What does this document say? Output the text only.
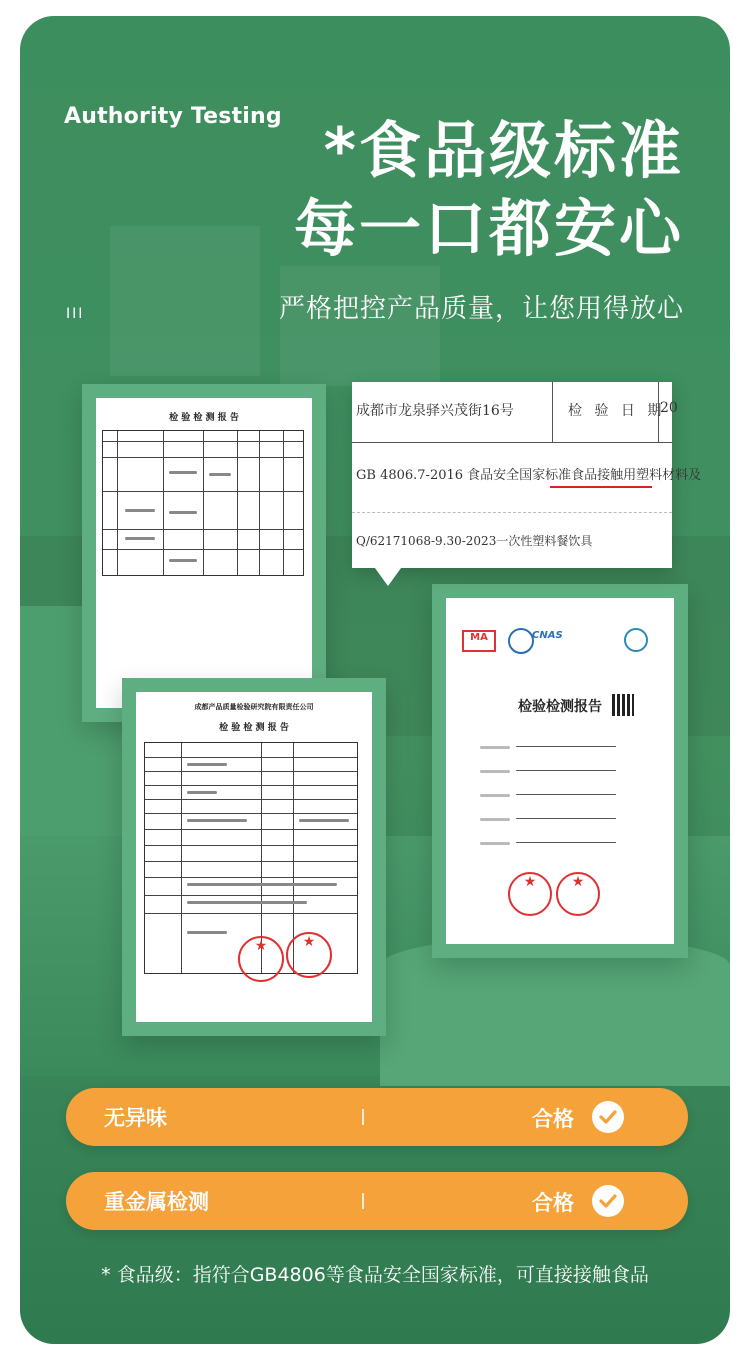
Authority Testing
III
*食品级标准
每一口都安心
严格把控产品质量，让您用得放心
检 验 检 测 报 告
成都产品质量检验研究院有限责任公司
检 验 检 测 报 告
★	★
MA	CNAS
检验检测报告
★	★
成都市龙泉驿兴茂街16号	检 验 日 期
20
GB 4806.7-2016 食品安全国家标准食品接触用塑料材料及
Q/62171068-9.30-2023一次性塑料餐饮具
无异味	合格
重金属检测	合格
* 食品级：指符合GB4806等食品安全国家标准，可直接接触食品
